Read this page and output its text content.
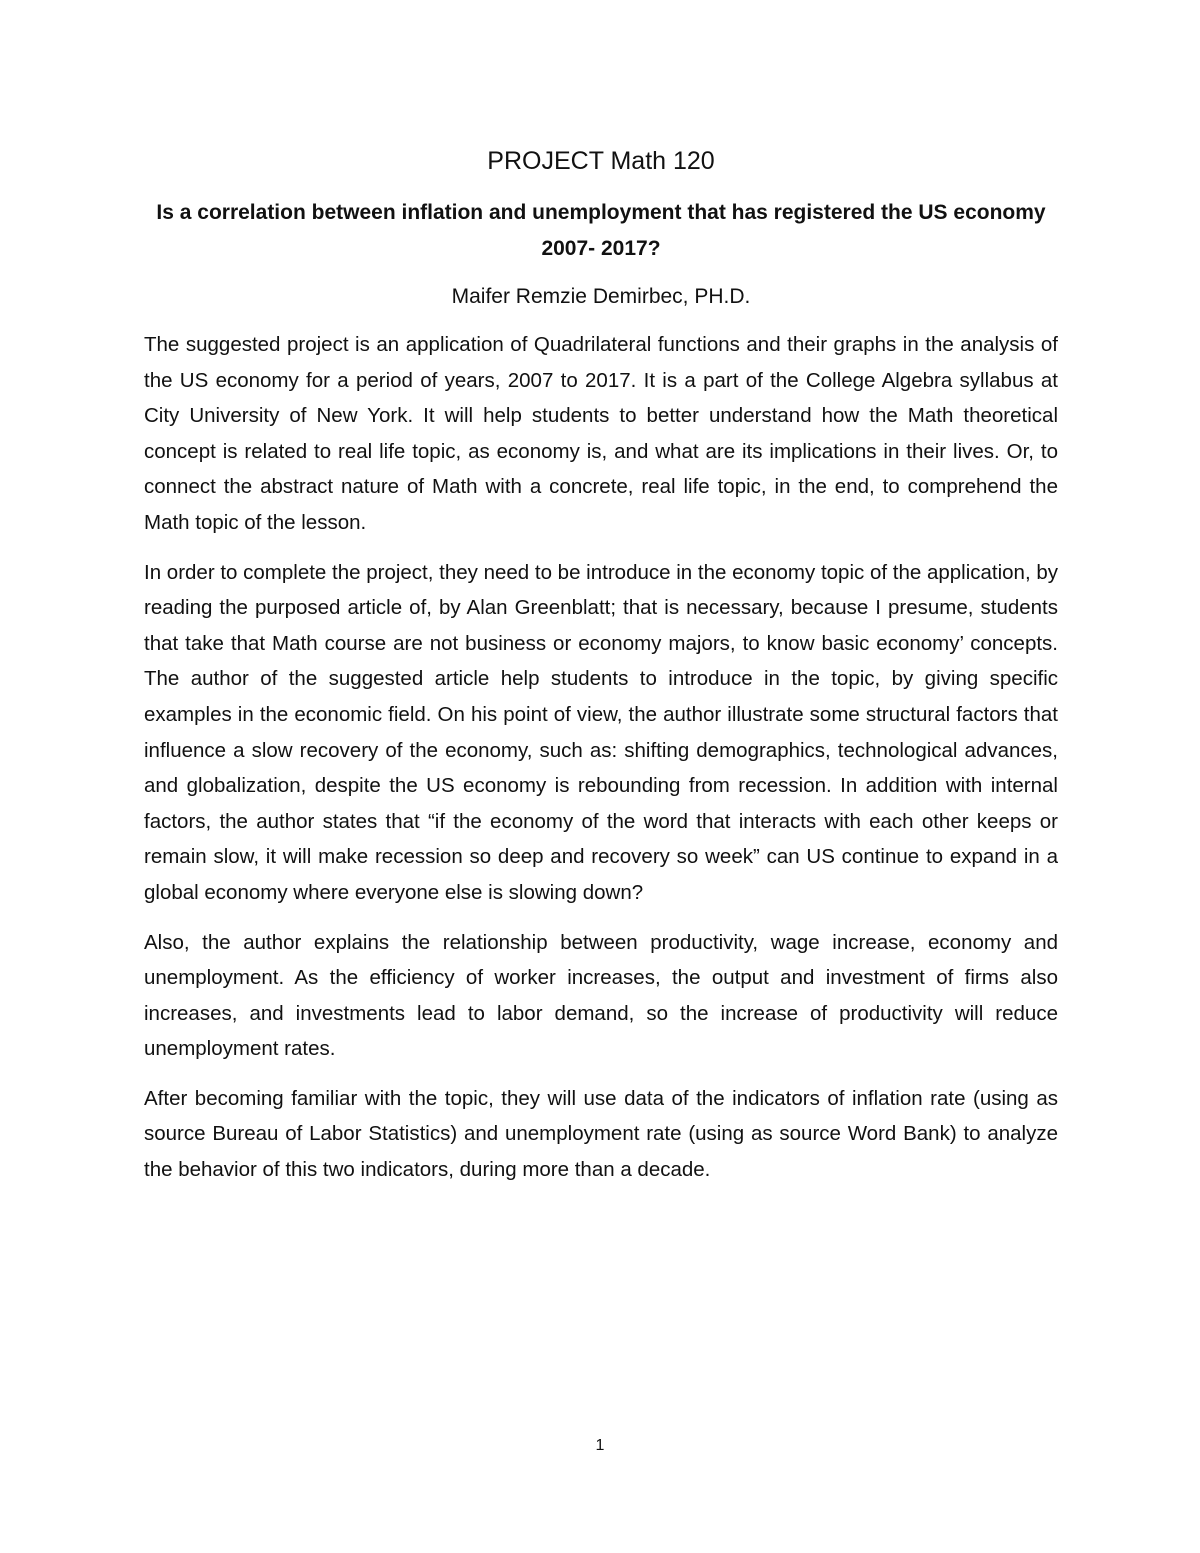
PROJECT Math 120
Is a correlation between inflation and unemployment that has registered the US economy 2007- 2017?
Maifer Remzie Demirbec, PH.D.

The suggested project is an application of Quadrilateral functions and their graphs in the analysis of the US economy for a period of years, 2007 to 2017. It is a part of the College Algebra syllabus at City University of New York. It will help students to better understand how the Math theoretical concept is related to real life topic, as economy is, and what are its implications in their lives. Or, to connect the abstract nature of Math with a concrete, real life topic, in the end, to comprehend the Math topic of the lesson.

In order to complete the project, they need to be introduce in the economy topic of the application, by reading the purposed article of, by Alan Greenblatt; that is necessary, because I presume, students that take that Math course are not business or economy majors, to know basic economy’ concepts. The author of the suggested article help students to introduce in the topic, by giving specific examples in the economic field. On his point of view, the author illustrate some structural factors that influence a slow recovery of the economy, such as: shifting demographics, technological advances, and globalization, despite the US economy is rebounding from recession. In addition with internal factors, the author states that “if the economy of the word that interacts with each other keeps or remain slow, it will make recession so deep and recovery so week” can US continue to expand in a global economy where everyone else is slowing down?

Also, the author explains the relationship between productivity, wage increase, economy and unemployment. As the efficiency of worker increases, the output and investment of firms also increases, and investments lead to labor demand, so the increase of productivity will reduce unemployment rates.

After becoming familiar with the topic, they will use data of the indicators of inflation rate (using as source Bureau of Labor Statistics) and unemployment rate (using as source Word Bank) to analyze the behavior of this two indicators, during more than a decade.

1
